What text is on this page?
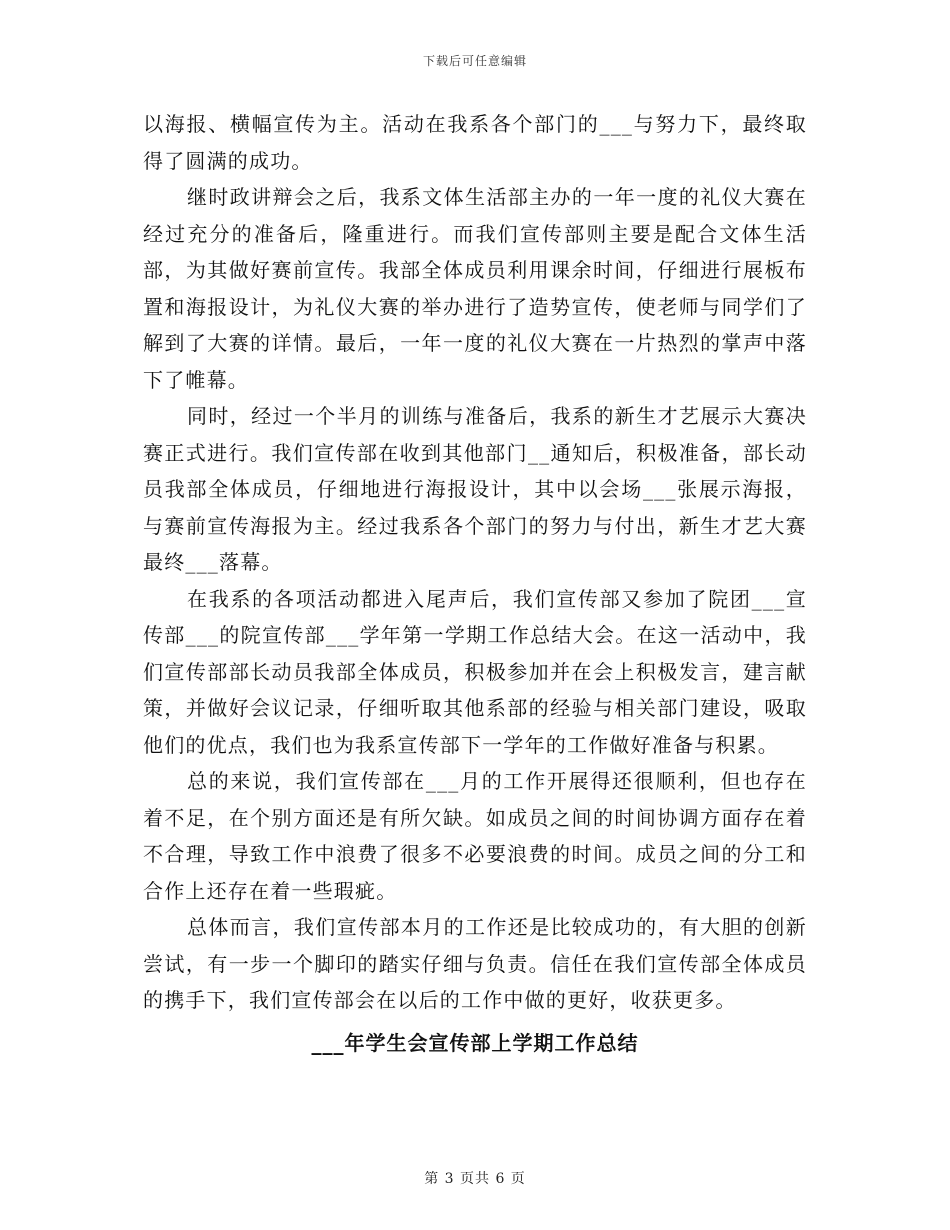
下载后可任意编辑

以海报、横幅宣传为主。活动在我系各个部门的___与努力下，最终取得了圆满的成功。

继时政讲辩会之后，我系文体生活部主办的一年一度的礼仪大赛在经过充分的准备后，隆重进行。而我们宣传部则主要是配合文体生活部，为其做好赛前宣传。我部全体成员利用课余时间，仔细进行展板布置和海报设计，为礼仪大赛的举办进行了造势宣传，使老师与同学们了解到了大赛的详情。最后，一年一度的礼仪大赛在一片热烈的掌声中落下了帷幕。

同时，经过一个半月的训练与准备后，我系的新生才艺展示大赛决赛正式进行。我们宣传部在收到其他部门__通知后，积极准备，部长动员我部全体成员，仔细地进行海报设计，其中以会场___张展示海报，与赛前宣传海报为主。经过我系各个部门的努力与付出，新生才艺大赛最终___落幕。

在我系的各项活动都进入尾声后，我们宣传部又参加了院团___宣传部___的院宣传部___学年第一学期工作总结大会。在这一活动中，我们宣传部部长动员我部全体成员，积极参加并在会上积极发言，建言献策，并做好会议记录，仔细听取其他系部的经验与相关部门建设，吸取他们的优点，我们也为我系宣传部下一学年的工作做好准备与积累。

总的来说，我们宣传部在___月的工作开展得还很顺利，但也存在着不足，在个别方面还是有所欠缺。如成员之间的时间协调方面存在着不合理，导致工作中浪费了很多不必要浪费的时间。成员之间的分工和合作上还存在着一些瑕疵。

总体而言，我们宣传部本月的工作还是比较成功的，有大胆的创新尝试，有一步一个脚印的踏实仔细与负责。信任在我们宣传部全体成员的携手下，我们宣传部会在以后的工作中做的更好，收获更多。

___年学生会宣传部上学期工作总结
第 3 页共 6 页
